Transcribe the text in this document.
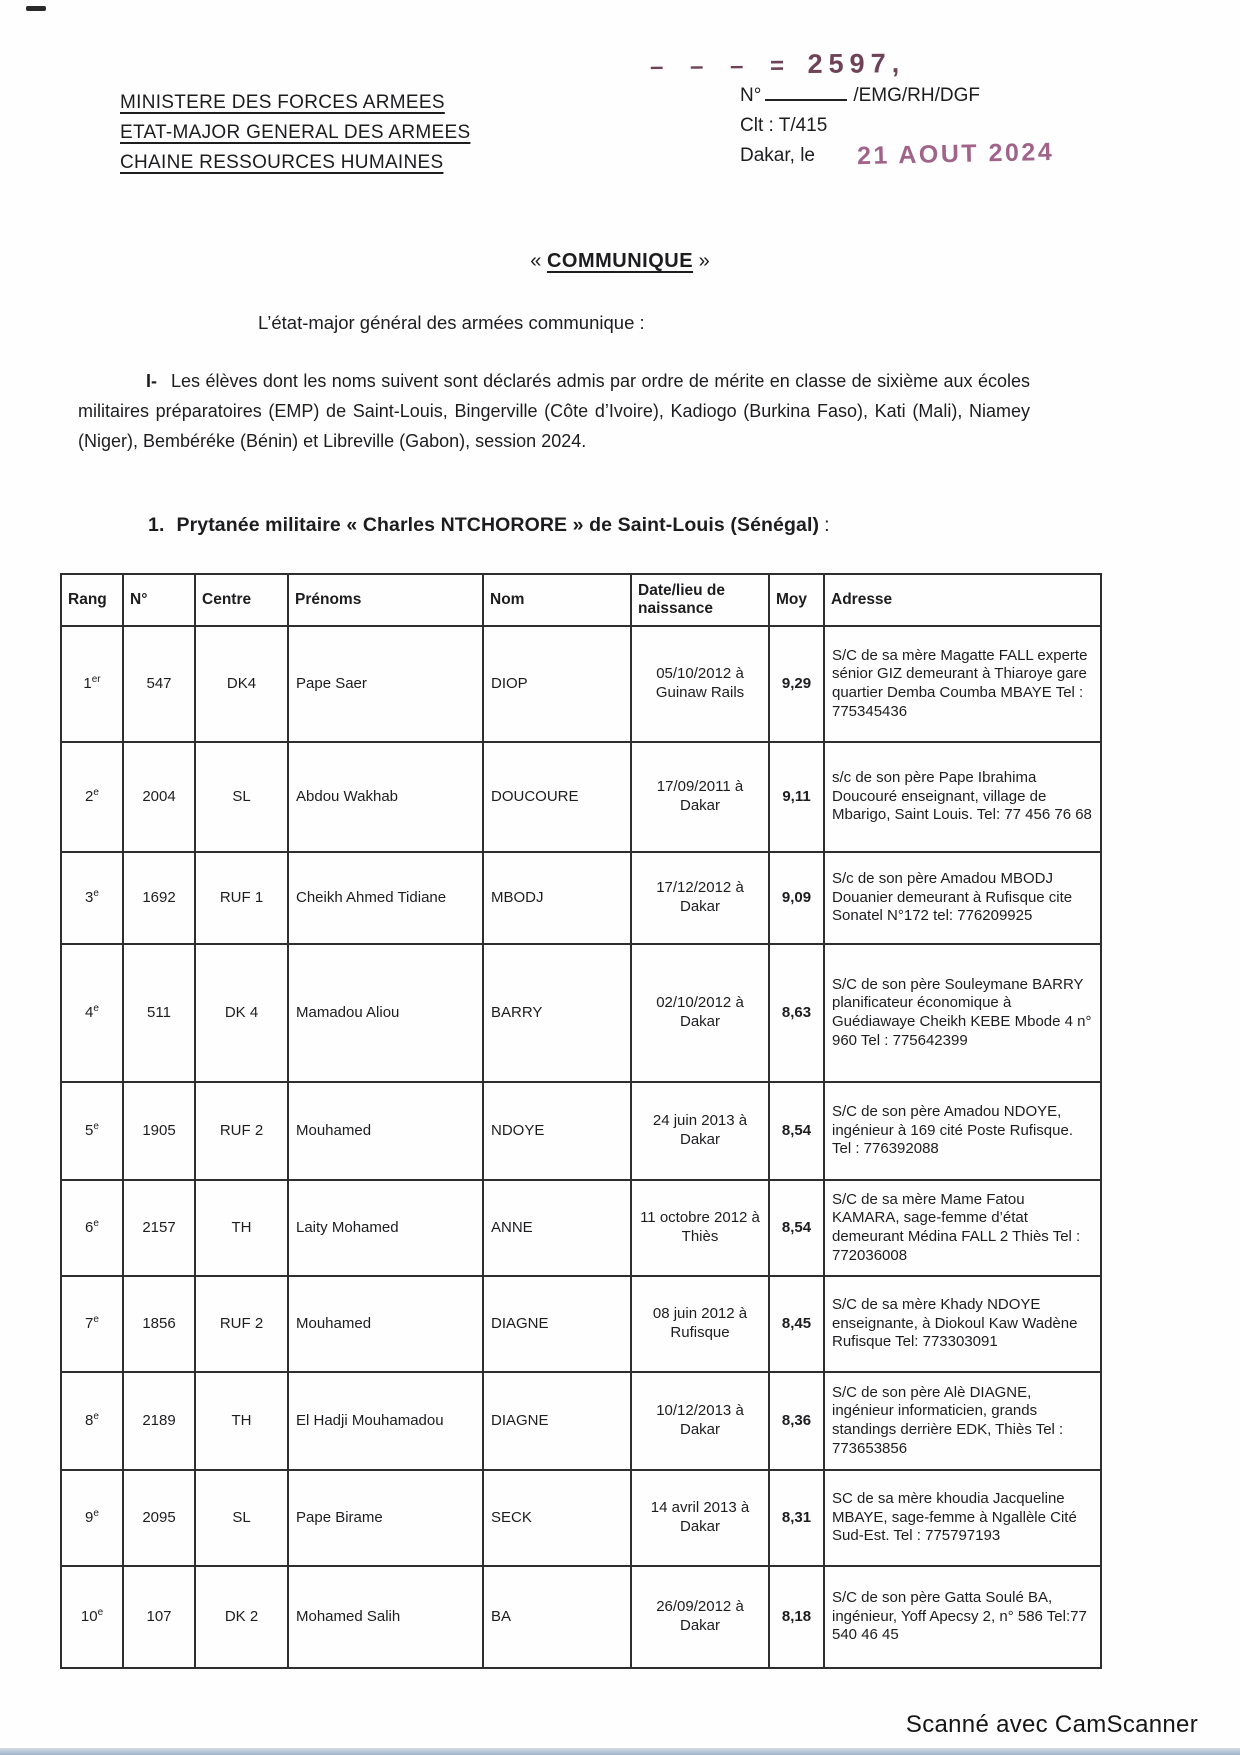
MINISTERE DES FORCES ARMEES
ETAT-MAJOR GENERAL DES ARMEES
CHAINE RESSOURCES HUMAINES
– – – = 2597,
N°	/EMG/RH/DGF
Clt : T/415
Dakar, le 21 AOUT 2024
« COMMUNIQUE »
L’état-major général des armées communique :
I- Les élèves dont les noms suivent sont déclarés admis par ordre de mérite en classe de sixième aux écoles militaires préparatoires (EMP) de Saint-Louis, Bingerville (Côte d’Ivoire), Kadiogo (Burkina Faso), Kati (Mali), Niamey (Niger), Bembéréke (Bénin) et Libreville (Gabon), session 2024.
1. Prytanée militaire « Charles NTCHORORE » de Saint-Louis (Sénégal) :
Rang	N°	Centre	Prénoms	Nom	Date/lieu de naissance	Moy	Adresse
1er	547	DK4	Pape Saer	DIOP	05/10/2012 à Guinaw Rails	9,29	S/C de sa mère Magatte FALL experte sénior GIZ demeurant à Thiaroye gare quartier Demba Coumba MBAYE Tel : 775345436
2e	2004	SL	Abdou Wakhab	DOUCOURE	17/09/2011 à Dakar	9,11	s/c de son père Pape Ibrahima Doucouré enseignant, village de Mbarigo, Saint Louis. Tel: 77 456 76 68
3e	1692	RUF 1	Cheikh Ahmed Tidiane	MBODJ	17/12/2012 à Dakar	9,09	S/c de son père Amadou MBODJ Douanier demeurant à Rufisque cite Sonatel N°172 tel: 776209925
4e	511	DK 4	Mamadou Aliou	BARRY	02/10/2012 à Dakar	8,63	S/C de son père Souleymane BARRY planificateur économique à Guédiawaye Cheikh KEBE Mbode 4 n° 960 Tel : 775642399
5e	1905	RUF 2	Mouhamed	NDOYE	24 juin 2013 à Dakar	8,54	S/C de son père Amadou NDOYE, ingénieur à 169 cité Poste Rufisque. Tel : 776392088
6e	2157	TH	Laity Mohamed	ANNE	11 octobre 2012 à Thiès	8,54	S/C de sa mère Mame Fatou KAMARA, sage-femme d’état demeurant Médina FALL 2 Thiès Tel : 772036008
7e	1856	RUF 2	Mouhamed	DIAGNE	08 juin 2012 à Rufisque	8,45	S/C de sa mère Khady NDOYE enseignante, à Diokoul Kaw Wadène Rufisque Tel: 773303091
8e	2189	TH	El Hadji Mouhamadou	DIAGNE	10/12/2013 à Dakar	8,36	S/C de son père Alè DIAGNE, ingénieur informaticien, grands standings derrière EDK, Thiès Tel : 773653856
9e	2095	SL	Pape Birame	SECK	14 avril 2013 à Dakar	8,31	SC de sa mère khoudia Jacqueline MBAYE, sage-femme à Ngallèle Cité Sud-Est. Tel : 775797193
10e	107	DK 2	Mohamed Salih	BA	26/09/2012 à Dakar	8,18	S/C de son père Gatta Soulé BA, ingénieur, Yoff Apecsy 2, n° 586 Tel:77 540 46 45
Scanné avec CamScanner
